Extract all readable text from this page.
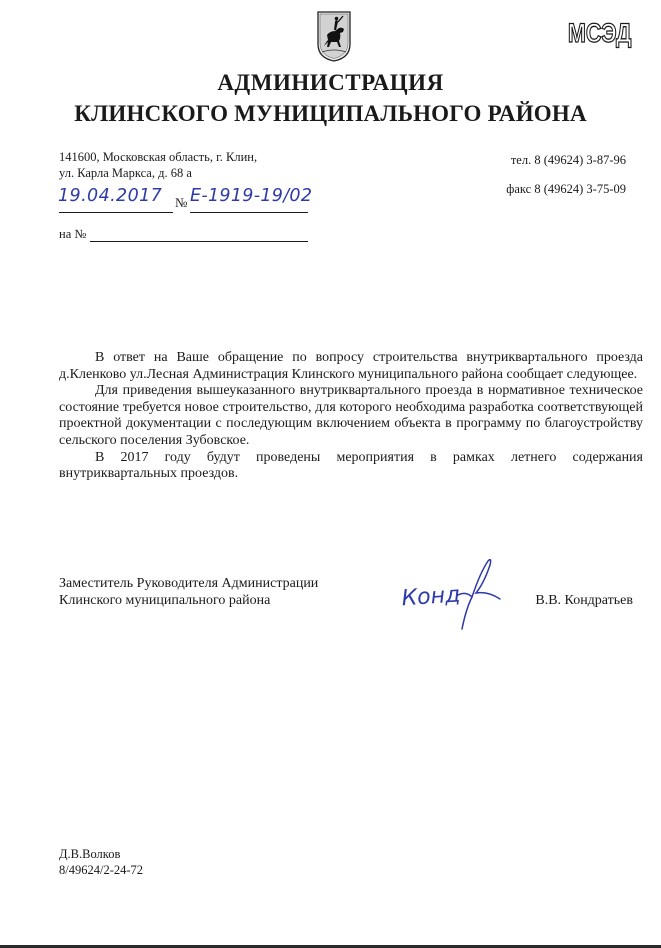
МСЭД
АДМИНИСТРАЦИЯ
КЛИНСКОГО МУНИЦИПАЛЬНОГО РАЙОНА
141600, Московская область, г. Клин,
ул. Карла Маркса, д. 68 а
тел. 8 (49624) 3-87-96
факс 8 (49624) 3-75-09
19.04.2017 № Е-1919-19/02
на №

В ответ на Ваше обращение по вопросу строительства внутриквартального проезда д.Кленково ул.Лесная Администрация Клинского муниципального района сообщает следующее.

Для приведения вышеуказанного внутриквартального проезда в нормативное техническое состояние требуется новое строительство, для которого необходима разработка соответствующей проектной документации с последующим включением объекта в программу по благоустройству сельского поселения Зубовское.

В 2017 году будут проведены мероприятия в рамках летнего содержания внутриквартальных проездов.

Заместитель Руководителя Администрации
Клинского муниципального района	Конд	В.В. Кондратьев
Д.В.Волков
8/49624/2-24-72
